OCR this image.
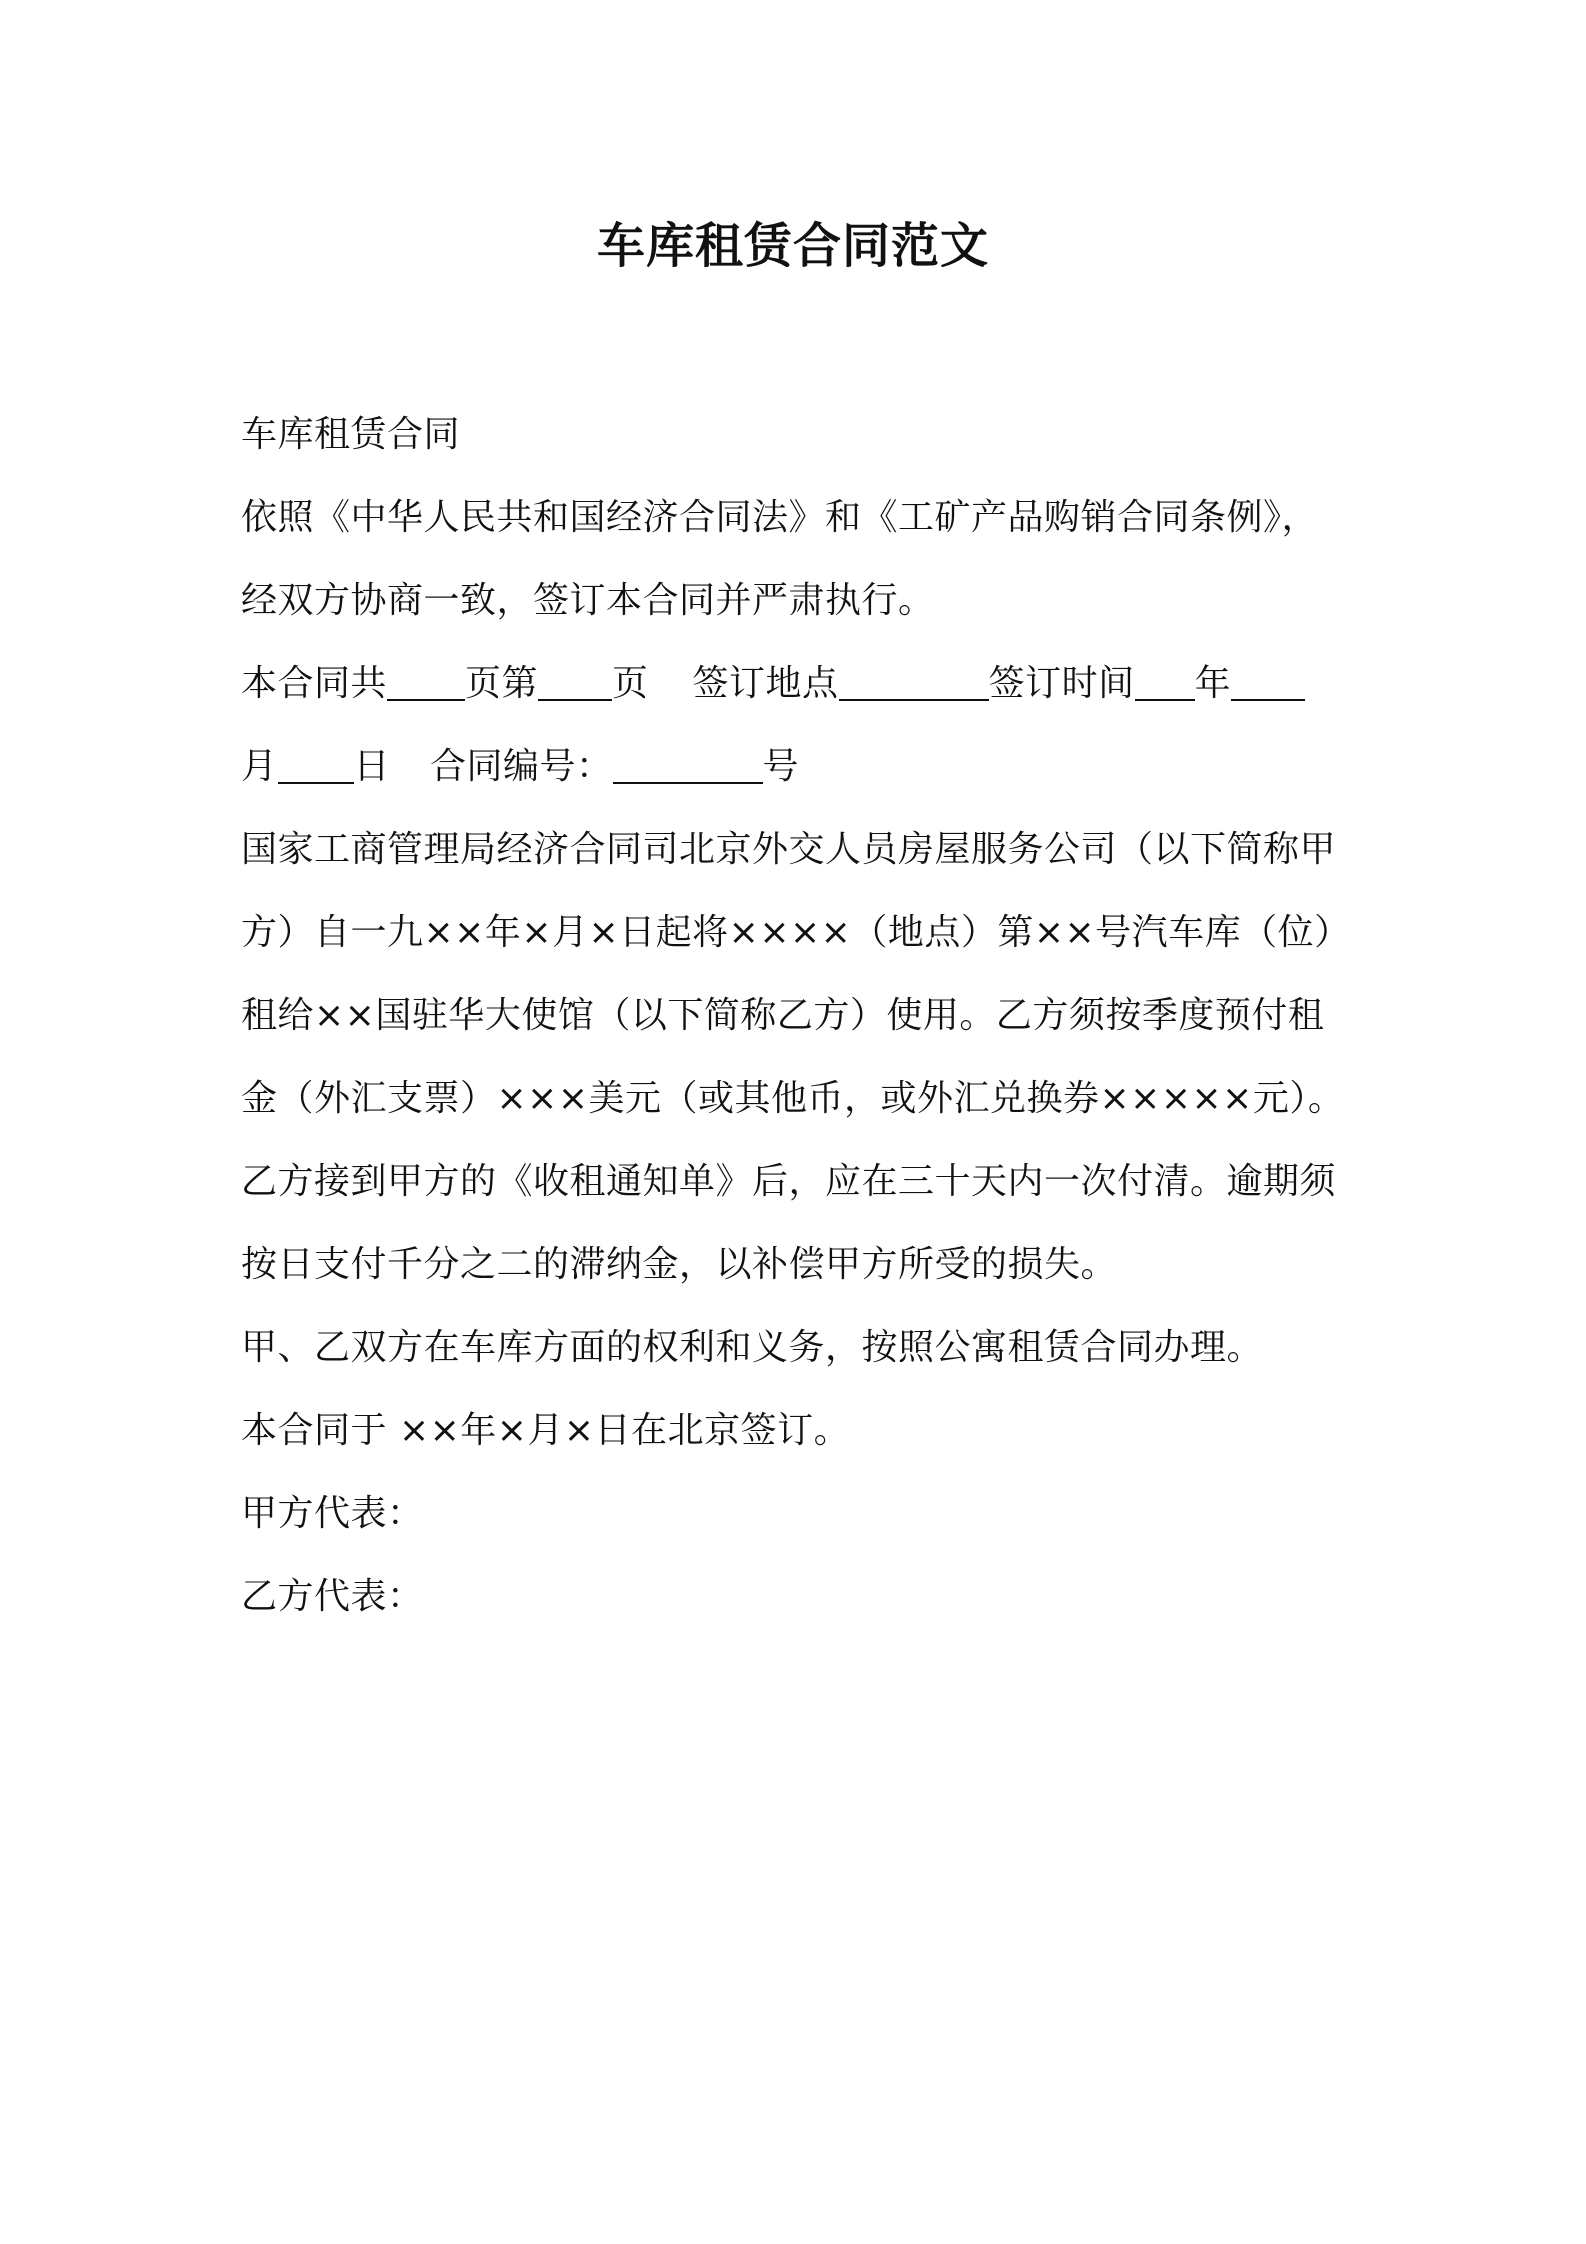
车库租赁合同范文
车库租赁合同
依照《中华人民共和国经济合同法》和《工矿产品购销合同条例》，
经双方协商一致，签订本合同并严肃执行。
本合同共 页第 页 签订地点	签订时间 年
月 日 合同编号：	号
国家工商管理局经济合同司北京外交人员房屋服务公司（以下简称甲
方）自一九××年×月×日起将××××（地点）第××号汽车库（位）
租给××国驻华大使馆（以下简称乙方）使用。乙方须按季度预付租
金（外汇支票）×××美元（或其他币，或外汇兑换券×××××元）。
乙方接到甲方的《收租通知单》后，应在三十天内一次付清。逾期须
按日支付千分之二的滞纳金，以补偿甲方所受的损失。
甲、乙双方在车库方面的权利和义务，按照公寓租赁合同办理。
本合同于 ××年×月×日在北京签订。
甲方代表：
乙方代表：
